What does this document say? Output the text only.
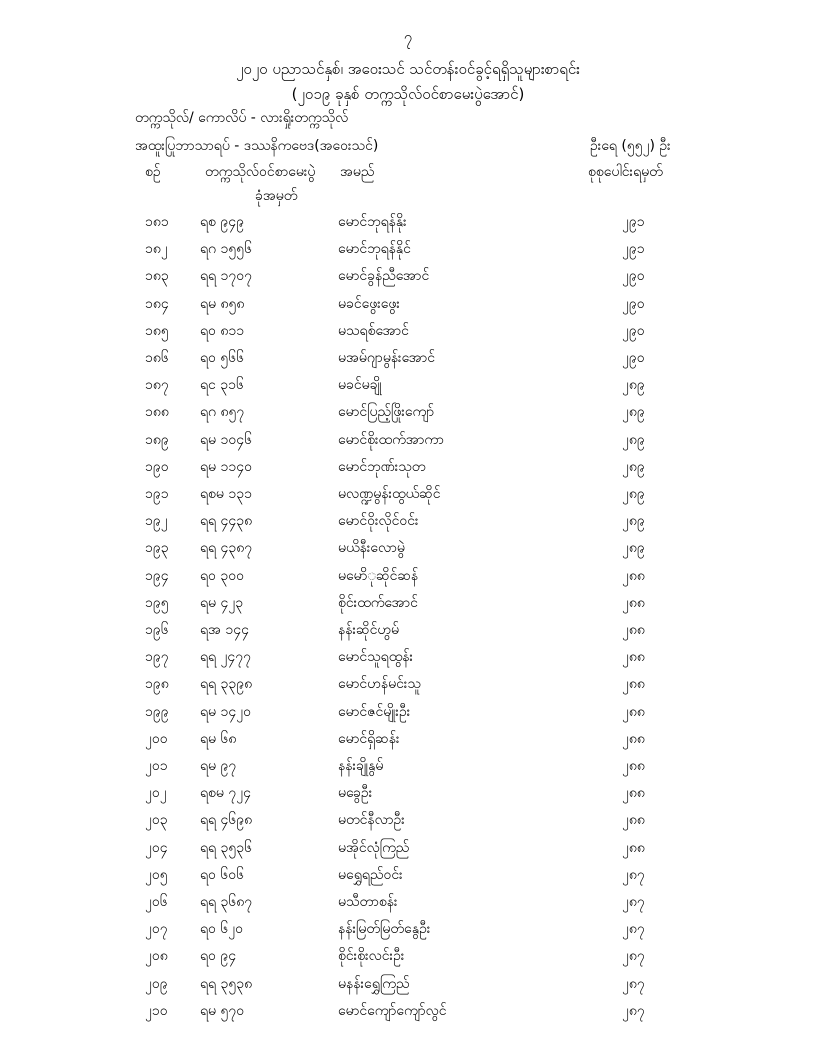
၇
၂၀၂၀ ပညာသင်နှစ်၊ အဝေးသင် သင်တန်းဝင်ခွင့်ရရှိသူများစာရင်း
(၂၀၁၉ ခုနှစ် တက္ကသိုလ်ဝင်စာမေးပွဲအောင်)
တက္ကသိုလ်/ ကောလိပ် - လားရှိုးတက္ကသိုလ်
အထူးပြုဘာသာရပ် - ဒဿနိကဗေဒ(အဝေးသင်)	ဦးရေ (၅၅၂) ဦး
စဉ်	တက္ကသိုလ်ဝင်စာမေးပွဲ
ခုံအမှတ်
အမည်	စုစုပေါင်းရမှတ်
၁၈၁ ရစ ၉၄၉	မောင်ဘုရန်နိုး	၂၉၁
၁၈၂ ရဂ ၁၅၅၆	မောင်ဘုရန်နိုင်	၂၉၁
၁၈၃ ရရ ၁၇၀၇	မောင်ခွန်ညီအောင်	၂၉၀
၁၈၄ ရမ ၈၅၈	မခင်ဖွေးဖွေး	၂၉၀
၁၈၅ ရဝ ၈၁၁	မသရစ်အောင်	၂၉၀
၁၈၆ ရဝ ၅၆၆	မအမ်ဂျာမွန်းအောင်	၂၉၀
၁၈၇ ရင ၃၁၆	မခင်မချို	၂၈၉
၁၈၈ ရဂ ၈၅၇	မောင်ပြည့်ဖြိုးကျော်	၂၈၉
၁၈၉ ရမ ၁၀၄၆	မောင်စိုးထက်အာကာ	၂၈၉
၁၉၀ ရမ ၁၁၄၀	မောင်ဘုဏ်းသုတ	၂၈၉
၁၉၁ ရစမ ၁၃၁	မလဏ္ဍမွန်းထွယ်ဆိုင်	၂၈၉
၁၉၂ ရရ ၄၄၃၈	မောင်ဝိုးလိုင်ဝင်း	၂၈၉
၁၉၃ ရရ ၄၃၈၇	မယိနီးလောမွဲ	၂၈၉
၁၉၄ ရဝ ၃၀၀	မမောိုဆိုင်ဆန်	၂၈၈
၁၉၅ ရမ ၄၂၃	စိုင်းထက်အောင်	၂၈၈
၁၉၆ ရအ ၁၄၄	နန်းဆိုင်ဟွမ်	၂၈၈
၁၉၇ ရရ ၂၄၇၇	မောင်သူရထွန်း	၂၈၈
၁၉၈ ရရ ၃၃၉၈	မောင်ဟန်မင်းသူ	၂၈၈
၁၉၉ ရမ ၁၄၂၀	မောင်ဇင်မျိုးဦး	၂၈၈
၂၀၀ ရမ ၆၈	မောင်ရှိဆန်း	၂၈၈
၂၀၁ ရမ ၉၇	နန်းချိုနွမ်	၂၈၈
၂၀၂ ရစမ ၇၂၄	မခွေဦး	၂၈၈
၂၀၃ ရရ ၄၆၉၈	မတင်နီလာဦး	၂၈၈
၂၀၄ ရရ ၃၅၃၆	မအိုင်လုံကြည်	၂၈၈
၂၀၅ ရဝ ၆၀၆	မရွှေရည်ဝင်း	၂၈၇
၂၀၆ ရရ ၃၆၈၇	မသီတာစန်း	၂၈၇
၂၀၇ ရဝ ၆၂၀	နန်းမြတ်မြတ်နွေဦး	၂၈၇
၂၀၈ ရဝ ၉၄	စိုင်းစိုးလင်းဦး	၂၈၇
၂၀၉ ရရ ၃၅၃၈	မနန်းရွှေကြည်	၂၈၇
၂၁၀ ရမ ၅၇၀	မောင်ကျော်ကျော်လွင်	၂၈၇
